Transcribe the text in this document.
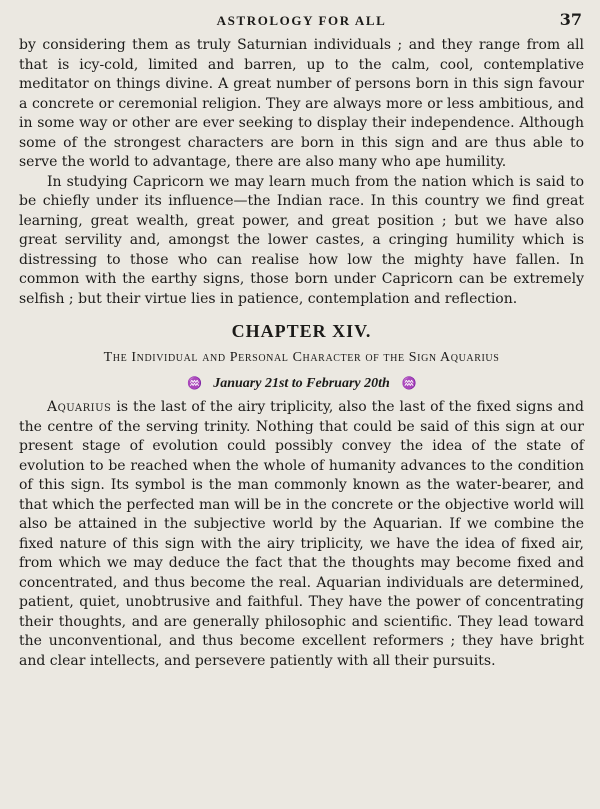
ASTROLOGY FOR ALL	37

by considering them as truly Saturnian individuals ; and they range from all that is icy-cold, limited and barren, up to the calm, cool, contemplative meditator on things divine. A great number of persons born in this sign favour a concrete or ceremonial religion. They are always more or less ambitious, and in some way or other are ever seeking to display their independence. Although some of the strongest characters are born in this sign and are thus able to serve the world to advantage, there are also many who ape humility.

In studying Capricorn we may learn much from the nation which is said to be chiefly under its influence—the Indian race. In this country we find great learning, great wealth, great power, and great position ; but we have also great servility and, amongst the lower castes, a cringing humility which is distressing to those who can realise how low the mighty have fallen. In common with the earthy signs, those born under Capricorn can be extremely selfish ; but their virtue lies in patience, contemplation and reflection.

CHAPTER XIV.
The Individual and Personal Character of the Sign Aquarius
♒ January 21st to February 20th ♒

Aquarius is the last of the airy triplicity, also the last of the fixed signs and the centre of the serving trinity. Nothing that could be said of this sign at our present stage of evolution could possibly convey the idea of the state of evolution to be reached when the whole of humanity advances to the condition of this sign. Its symbol is the man commonly known as the water-bearer, and that which the perfected man will be in the concrete or the objective world will also be attained in the subjective world by the Aquarian. If we combine the fixed nature of this sign with the airy triplicity, we have the idea of fixed air, from which we may deduce the fact that the thoughts may become fixed and concentrated, and thus become the real. Aquarian individuals are determined, patient, quiet, unobtrusive and faithful. They have the power of concentrating their thoughts, and are generally philosophic and scientific. They lead toward the unconventional, and thus become excellent reformers ; they have bright and clear intellects, and persevere patiently with all their pursuits.
